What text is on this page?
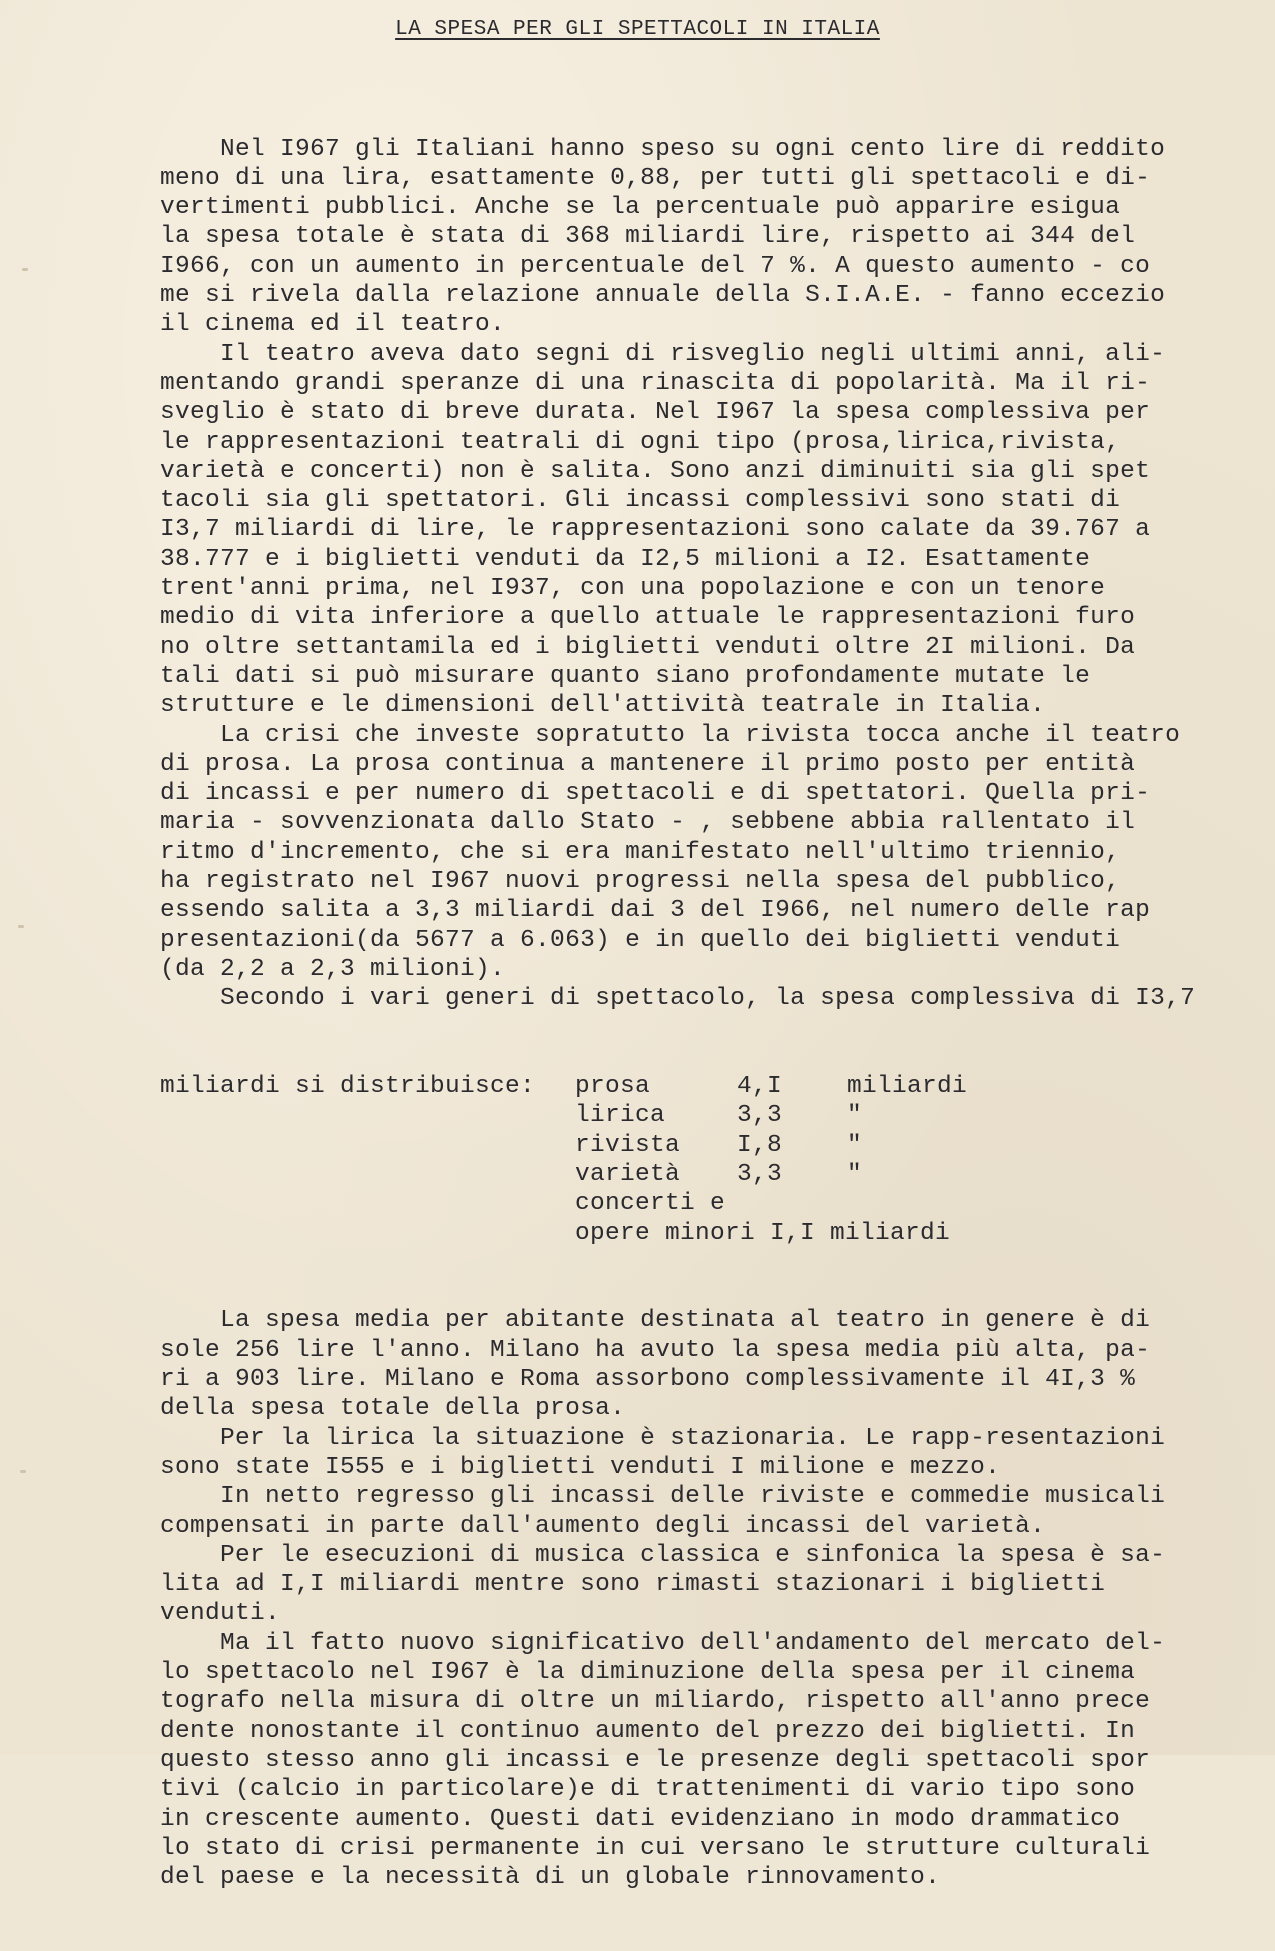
LA SPESA PER GLI SPETTACOLI IN ITALIA

Nel I967 gli Italiani hanno speso su ogni cento lire di reddito
meno di una lira, esattamente 0,88, per tutti gli spettacoli e di-
vertimenti pubblici. Anche se la percentuale può apparire esigua
la spesa totale è stata di 368 miliardi lire, rispetto ai 344 del
I966, con un aumento in percentuale del 7 %. A questo aumento - co
me si rivela dalla relazione annuale della S.I.A.E. - fanno eccezio
il cinema ed il teatro.
Il teatro aveva dato segni di risveglio negli ultimi anni, ali-
mentando grandi speranze di una rinascita di popolarità. Ma il ri-
sveglio è stato di breve durata. Nel I967 la spesa complessiva per
le rappresentazioni teatrali di ogni tipo (prosa,lirica,rivista,
varietà e concerti) non è salita. Sono anzi diminuiti sia gli spet
tacoli sia gli spettatori. Gli incassi complessivi sono stati di
I3,7 miliardi di lire, le rappresentazioni sono calate da 39.767 a
38.777 e i biglietti venduti da I2,5 milioni a I2. Esattamente
trent'anni prima, nel I937, con una popolazione e con un tenore
medio di vita inferiore a quello attuale le rappresentazioni furo
no oltre settantamila ed i biglietti venduti oltre 2I milioni. Da
tali dati si può misurare quanto siano profondamente mutate le
strutture e le dimensioni dell'attività teatrale in Italia.
La crisi che investe sopratutto la rivista tocca anche il teatro
di prosa. La prosa continua a mantenere il primo posto per entità
di incassi e per numero di spettacoli e di spettatori. Quella pri-
maria - sovvenzionata dallo Stato - , sebbene abbia rallentato il
ritmo d'incremento, che si era manifestato nell'ultimo triennio,
ha registrato nel I967 nuovi progressi nella spesa del pubblico,
essendo salita a 3,3 miliardi dai 3 del I966, nel numero delle rap
presentazioni(da 5677 a 6.063) e in quello dei biglietti venduti
(da 2,2 a 2,3 milioni).
Secondo i vari generi di spettacolo, la spesa complessiva di I3,7

miliardi si distribuisce: prosa	4,I	miliardi
lirica	3,3	"
rivista I,8	"
varietà 3,3	"
concerti e
opere minori I,I miliardi

La spesa media per abitante destinata al teatro in genere è di
sole 256 lire l'anno. Milano ha avuto la spesa media più alta, pa-
ri a 903 lire. Milano e Roma assorbono complessivamente il 4I,3 %
della spesa totale della prosa.
Per la lirica la situazione è stazionaria. Le rapp-resentazioni
sono state I555 e i biglietti venduti I milione e mezzo.
In netto regresso gli incassi delle riviste e commedie musicali
compensati in parte dall'aumento degli incassi del varietà.
Per le esecuzioni di musica classica e sinfonica la spesa è sa-
lita ad I,I miliardi mentre sono rimasti stazionari i biglietti
venduti.
Ma il fatto nuovo significativo dell'andamento del mercato del-
lo spettacolo nel I967 è la diminuzione della spesa per il cinema
tografo nella misura di oltre un miliardo, rispetto all'anno prece
dente nonostante il continuo aumento del prezzo dei biglietti. In
questo stesso anno gli incassi e le presenze degli spettacoli spor
tivi (calcio in particolare)e di trattenimenti di vario tipo sono
in crescente aumento. Questi dati evidenziano in modo drammatico
lo stato di crisi permanente in cui versano le strutture culturali
del paese e la necessità di un globale rinnovamento.
